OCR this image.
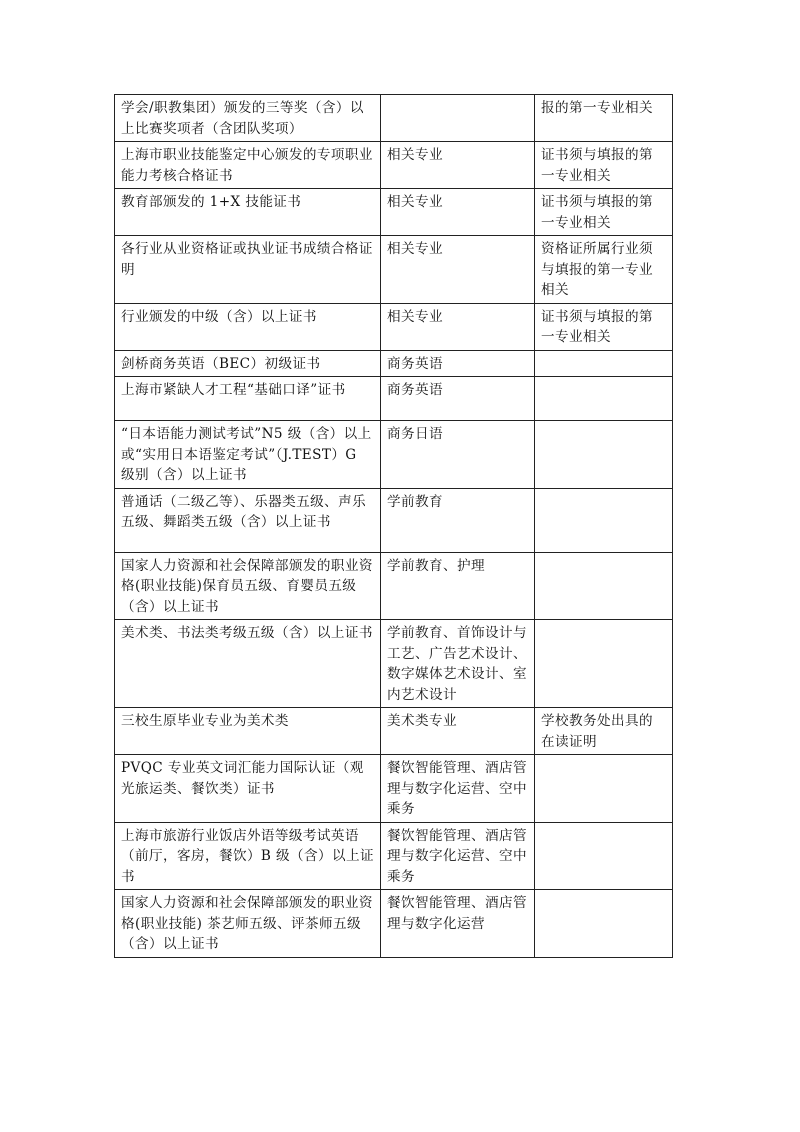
学会/职教集团）颁发的三等奖（含）以上比赛奖项者（含团队奖项）		报的第一专业相关
上海市职业技能鉴定中心颁发的专项职业能力考核合格证书	相关专业	证书须与填报的第一专业相关
教育部颁发的 1+X 技能证书	相关专业	证书须与填报的第一专业相关
各行业从业资格证或执业证书成绩合格证明	相关专业	资格证所属行业须与填报的第一专业相关
行业颁发的中级（含）以上证书	相关专业	证书须与填报的第一专业相关
剑桥商务英语（BEC）初级证书	商务英语	
上海市紧缺人才工程“基础口译”证书	商务英语	
“日本语能力测试考试”N5 级（含）以上或“实用日本语鉴定考试”（J.TEST）G 级别（含）以上证书	商务日语	
普通话（二级乙等）、乐器类五级、声乐五级、舞蹈类五级（含）以上证书	学前教育	
国家人力资源和社会保障部颁发的职业资格(职业技能)保育员五级、育婴员五级（含）以上证书	学前教育、护理	
美术类、书法类考级五级（含）以上证书	学前教育、首饰设计与工艺、广告艺术设计、数字媒体艺术设计、室内艺术设计	
三校生原毕业专业为美术类	美术类专业	学校教务处出具的在读证明
PVQC 专业英文词汇能力国际认证（观光旅运类、餐饮类）证书	餐饮智能管理、酒店管理与数字化运营、空中乘务	
上海市旅游行业饭店外语等级考试英语（前厅，客房，餐饮）B 级（含）以上证书	餐饮智能管理、酒店管理与数字化运营、空中乘务	
国家人力资源和社会保障部颁发的职业资格(职业技能) 茶艺师五级、评茶师五级（含）以上证书	餐饮智能管理、酒店管理与数字化运营	
